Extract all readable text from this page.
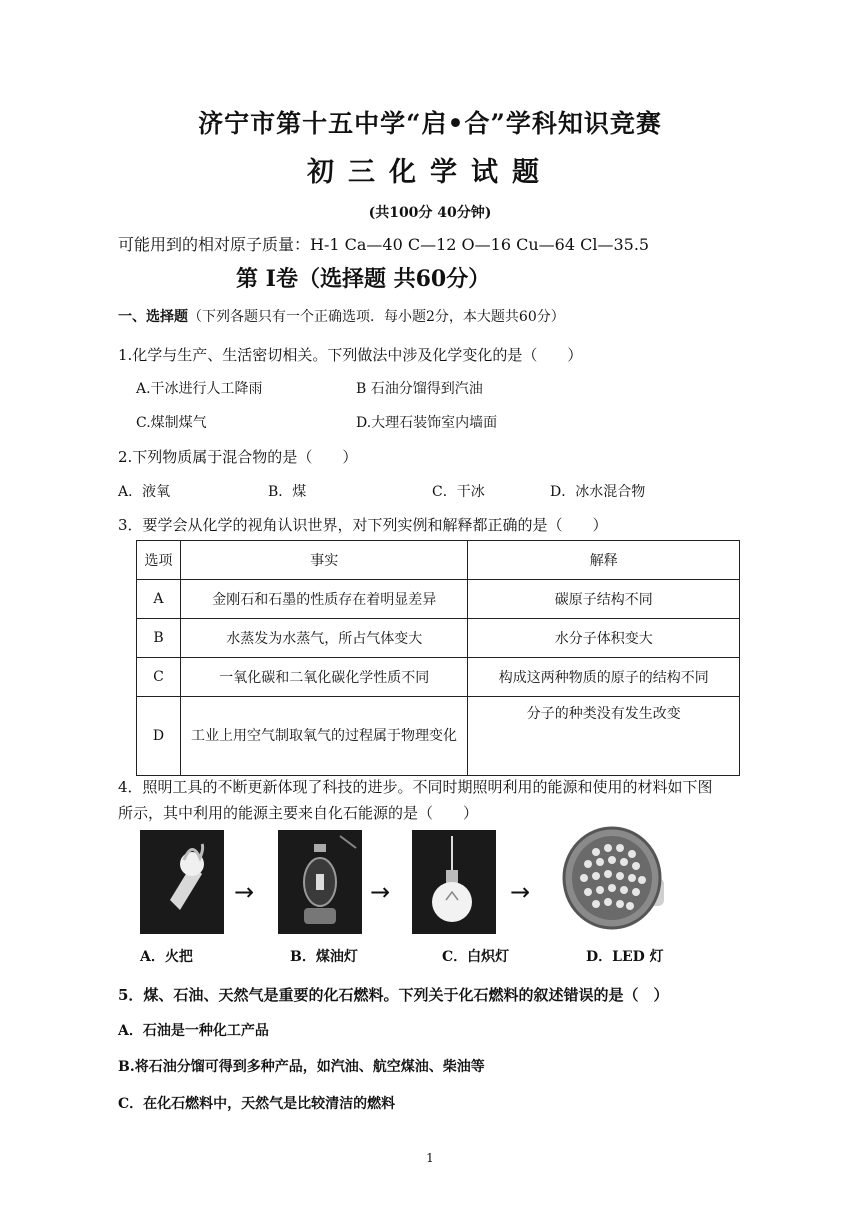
济宁市第十五中学“启•合”学科知识竞赛
初三化学试题
(共100分 40分钟)
可能用到的相对原子质量：H-1 Ca—40 C—12 O—16 Cu—64 Cl—35.5
第 I卷（选择题 共60分）
一、选择题（下列各题只有一个正确选项．每小题2分，本大题共60分）
1.化学与生产、生活密切相关。下列做法中涉及化学变化的是（　　）
A.干冰进行人工降雨	B 石油分馏得到汽油
C.煤制煤气	D.大理石装饰室内墙面
2.下列物质属于混合物的是（　　）
A．液氧	B．煤	C．干冰	D．冰水混合物
3．要学会从化学的视角认识世界，对下列实例和解释都正确的是（　　）
选项	事实	解释
A	金刚石和石墨的性质存在着明显差异	碳原子结构不同
B	水蒸发为水蒸气，所占气体变大	水分子体积变大
C	一氧化碳和二氧化碳化学性质不同	构成这两种物质的原子的结构不同
D	工业上用空气制取氧气的过程属于物理变化	分子的种类没有发生改变
4．照明工具的不断更新体现了科技的进步。不同时期照明利用的能源和使用的材料如下图
所示，其中利用的能源主要来自化石能源的是（　　）
→	→	→
A．火把	B．煤油灯	C．白炽灯	D．LED 灯
5．煤、石油、天然气是重要的化石燃料。下列关于化石燃料的叙述错误的是（　）
A．石油是一种化工产品
B.将石油分馏可得到多种产品，如汽油、航空煤油、柴油等
C．在化石燃料中，天然气是比较清洁的燃料
1
